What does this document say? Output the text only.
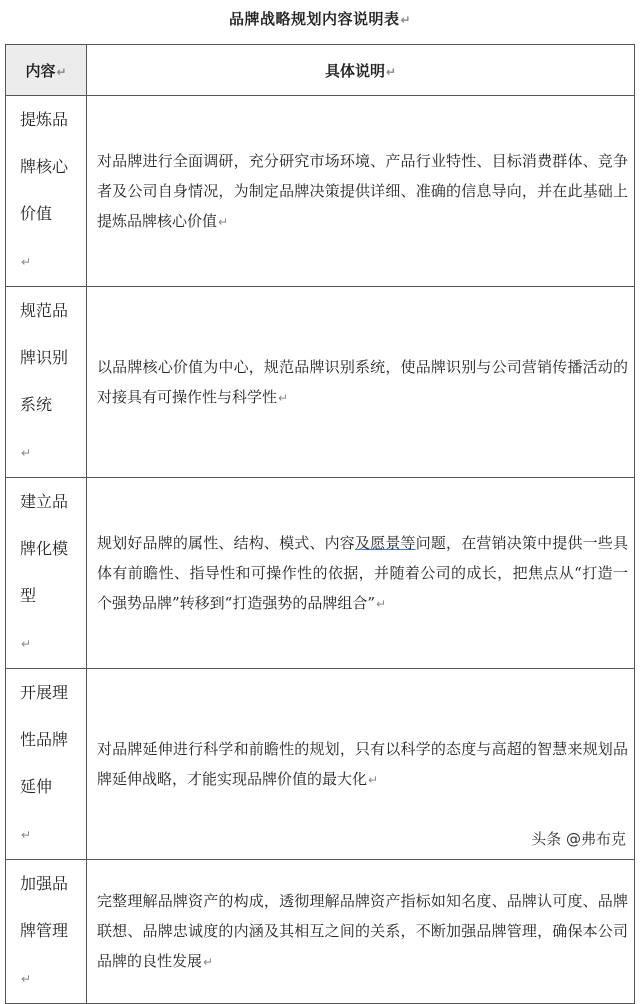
品牌战略规划内容说明表↵
内容↵	具体说明↵
提炼品牌核心价值↵	对品牌进行全面调研，充分研究市场环境、产品行业特性、目标消费群体、竞争者及公司自身情况，为制定品牌决策提供详细、准确的信息导向，并在此基础上提炼品牌核心价值↵
规范品牌识别系统↵	以品牌核心价值为中心，规范品牌识别系统，使品牌识别与公司营销传播活动的对接具有可操作性与科学性↵
建立品牌化模型↵	规划好品牌的属性、结构、模式、内容及愿景等问题，在营销决策中提供一些具体有前瞻性、指导性和可操作性的依据，并随着公司的成长，把焦点从“打造一个强势品牌”转移到“打造强势的品牌组合”↵
开展理性品牌延伸↵	对品牌延伸进行科学和前瞻性的规划，只有以科学的态度与高超的智慧来规划品牌延伸战略，才能实现品牌价值的最大化↵
加强品牌管理↵	完整理解品牌资产的构成，透彻理解品牌资产指标如知名度、品牌认可度、品牌联想、品牌忠诚度的内涵及其相互之间的关系，不断加强品牌管理，确保本公司品牌的良性发展↵
头条 @弗布克
